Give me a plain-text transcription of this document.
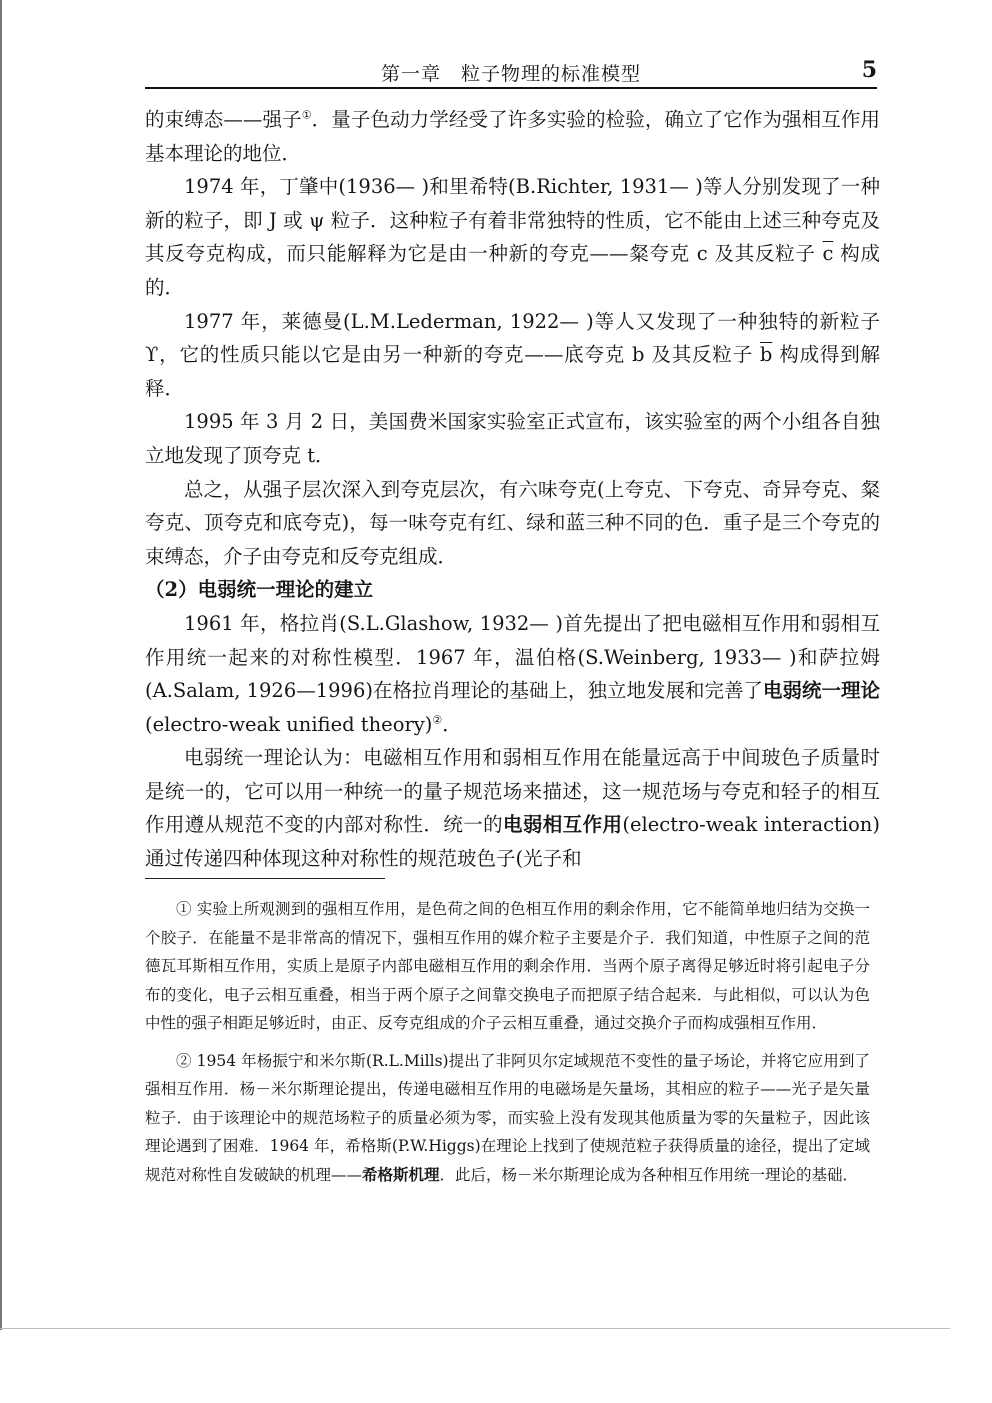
第一章　粒子物理的标准模型	5

的束缚态——强子①．量子色动力学经受了许多实验的检验，确立了它作为强相互作用基本理论的地位．

1974 年，丁肇中(1936— )和里希特(B.Richter, 1931— )等人分别发现了一种新的粒子，即 J 或 ψ 粒子．这种粒子有着非常独特的性质，它不能由上述三种夸克及其反夸克构成，而只能解释为它是由一种新的夸克——粲夸克 c 及其反粒子 $\overline{c}$ 构成的．

1977 年，莱德曼(L.M.Lederman, 1922— )等人又发现了一种独特的新粒子 ϒ，它的性质只能以它是由另一种新的夸克——底夸克 b 及其反粒子 $\overline{b}$ 构成得到解释．

1995 年 3 月 2 日，美国费米国家实验室正式宣布，该实验室的两个小组各自独立地发现了顶夸克 t．

总之，从强子层次深入到夸克层次，有六味夸克(上夸克、下夸克、奇异夸克、粲夸克、顶夸克和底夸克)，每一味夸克有红、绿和蓝三种不同的色．重子是三个夸克的束缚态，介子由夸克和反夸克组成．

（2）电弱统一理论的建立

1961 年，格拉肖(S.L.Glashow, 1932— )首先提出了把电磁相互作用和弱相互作用统一起来的对称性模型．1967 年，温伯格(S.Weinberg, 1933— )和萨拉姆(A.Salam, 1926—1996)在格拉肖理论的基础上，独立地发展和完善了电弱统一理论(electro-weak unified theory)②．

电弱统一理论认为：电磁相互作用和弱相互作用在能量远高于中间玻色子质量时是统一的，它可以用一种统一的量子规范场来描述，这一规范场与夸克和轻子的相互作用遵从规范不变的内部对称性．统一的电弱相互作用(electro-weak interaction)通过传递四种体现这种对称性的规范玻色子(光子和

① 实验上所观测到的强相互作用，是色荷之间的色相互作用的剩余作用，它不能简单地归结为交换一个胶子．在能量不是非常高的情况下，强相互作用的媒介粒子主要是介子．我们知道，中性原子之间的范德瓦耳斯相互作用，实质上是原子内部电磁相互作用的剩余作用．当两个原子离得足够近时将引起电子分布的变化，电子云相互重叠，相当于两个原子之间靠交换电子而把原子结合起来．与此相似，可以认为色中性的强子相距足够近时，由正、反夸克组成的介子云相互重叠，通过交换介子而构成强相互作用．

② 1954 年杨振宁和米尔斯(R.L.Mills)提出了非阿贝尔定域规范不变性的量子场论，并将它应用到了强相互作用．杨－米尔斯理论提出，传递电磁相互作用的电磁场是矢量场，其相应的粒子——光子是矢量粒子．由于该理论中的规范场粒子的质量必须为零，而实验上没有发现其他质量为零的矢量粒子，因此该理论遇到了困难．1964 年，希格斯(P.W.Higgs)在理论上找到了使规范粒子获得质量的途径，提出了定域规范对称性自发破缺的机理——希格斯机理．此后，杨－米尔斯理论成为各种相互作用统一理论的基础．
